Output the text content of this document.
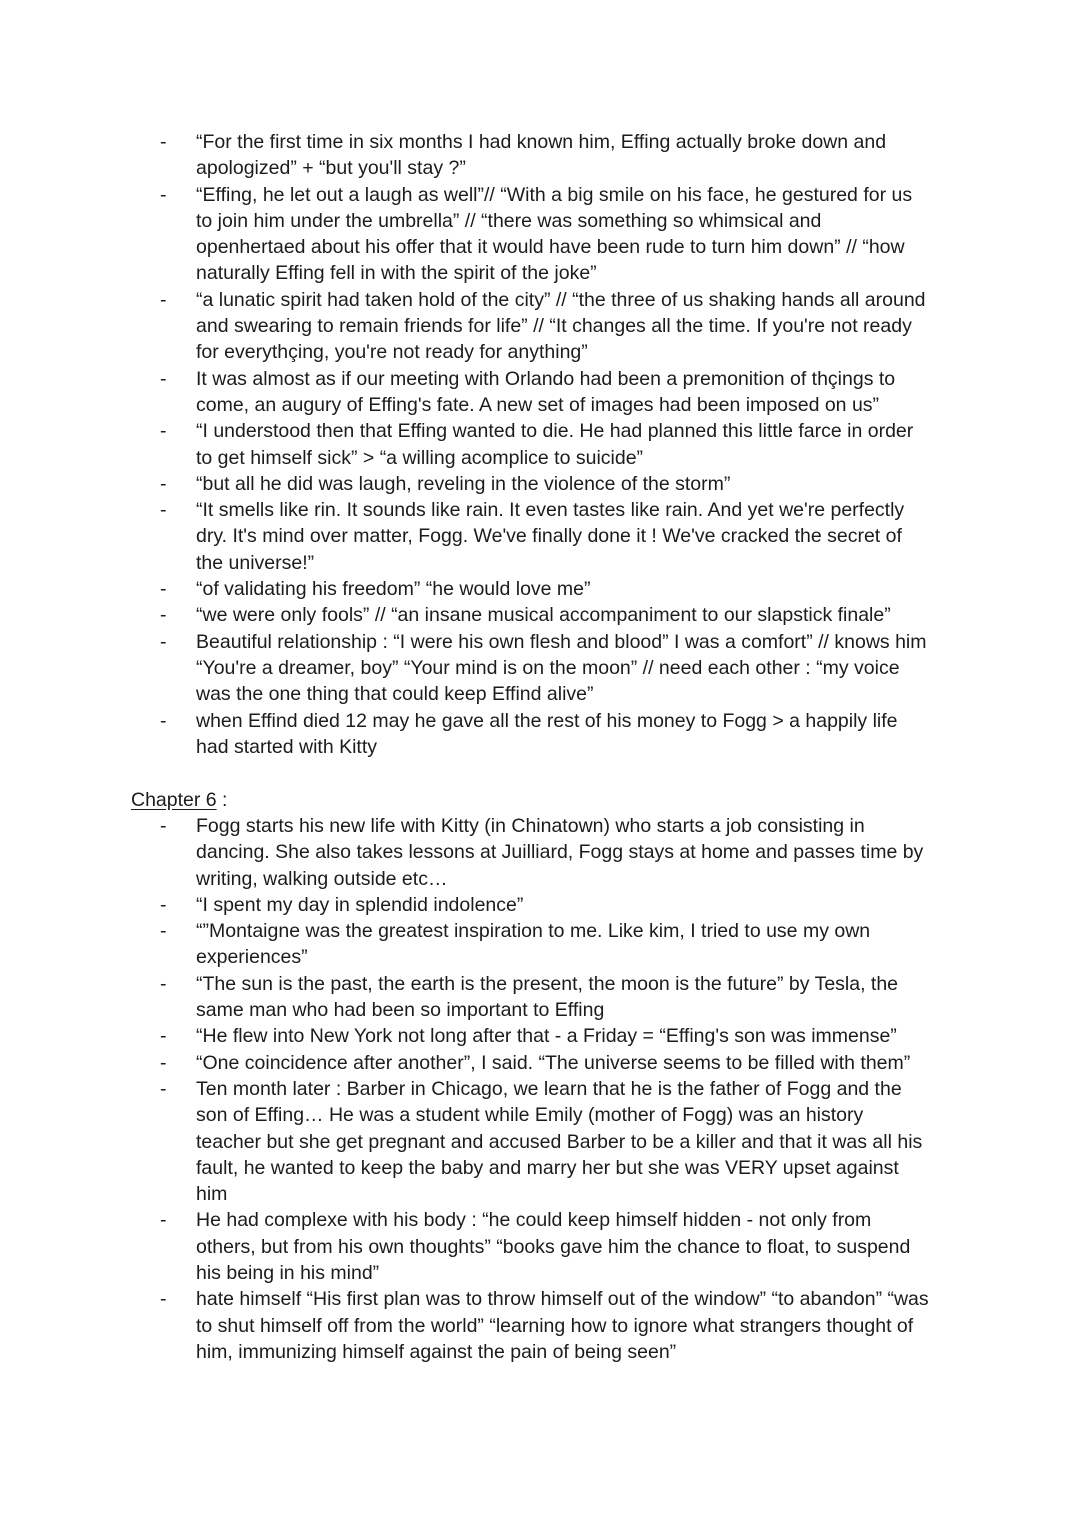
- “For the first time in six months I had known him, Effing actually broke down and
apologized” + “but you'll stay ?”
- “Effing, he let out a laugh as well”// “With a big smile on his face, he gestured for us
to join him under the umbrella” // “there was something so whimsical and
openhertaed about his offer that it would have been rude to turn him down” // “how
naturally Effing fell in with the spirit of the joke”
- “a lunatic spirit had taken hold of the city” // “the three of us shaking hands all around
and swearing to remain friends for life” // “It changes all the time. If you're not ready
for everythçing, you're not ready for anything”
- It was almost as if our meeting with Orlando had been a premonition of thçings to
come, an augury of Effing's fate. A new set of images had been imposed on us”
- “I understood then that Effing wanted to die. He had planned this little farce in order
to get himself sick” > “a willing acomplice to suicide”
- “but all he did was laugh, reveling in the violence of the storm”
- “It smells like rin. It sounds like rain. It even tastes like rain. And yet we're perfectly
dry. It's mind over matter, Fogg. We've finally done it ! We've cracked the secret of
the universe!”
- “of validating his freedom” “he would love me”
- “we were only fools” // “an insane musical accompaniment to our slapstick finale”
- Beautiful relationship : “I were his own flesh and blood” I was a comfort” // knows him
“You're a dreamer, boy” “Your mind is on the moon” // need each other : “my voice
was the one thing that could keep Effind alive”
- when Effind died 12 may he gave all the rest of his money to Fogg > a happily life
had started with Kitty
Chapter 6 :
- Fogg starts his new life with Kitty (in Chinatown) who starts a job consisting in
dancing. She also takes lessons at Juilliard, Fogg stays at home and passes time by
writing, walking outside etc…
- “I spent my day in splendid indolence”
- “”Montaigne was the greatest inspiration to me. Like kim, I tried to use my own
experiences”
- “The sun is the past, the earth is the present, the moon is the future” by Tesla, the
same man who had been so important to Effing
- “He flew into New York not long after that - a Friday = “Effing's son was immense”
- “One coincidence after another”, I said. “The universe seems to be filled with them”
- Ten month later : Barber in Chicago, we learn that he is the father of Fogg and the
son of Effing… He was a student while Emily (mother of Fogg) was an history
teacher but she get pregnant and accused Barber to be a killer and that it was all his
fault, he wanted to keep the baby and marry her but she was VERY upset against
him
- He had complexe with his body : “he could keep himself hidden - not only from
others, but from his own thoughts” “books gave him the chance to float, to suspend
his being in his mind”
- hate himself “His first plan was to throw himself out of the window” “to abandon” “was
to shut himself off from the world” “learning how to ignore what strangers thought of
him, immunizing himself against the pain of being seen”
